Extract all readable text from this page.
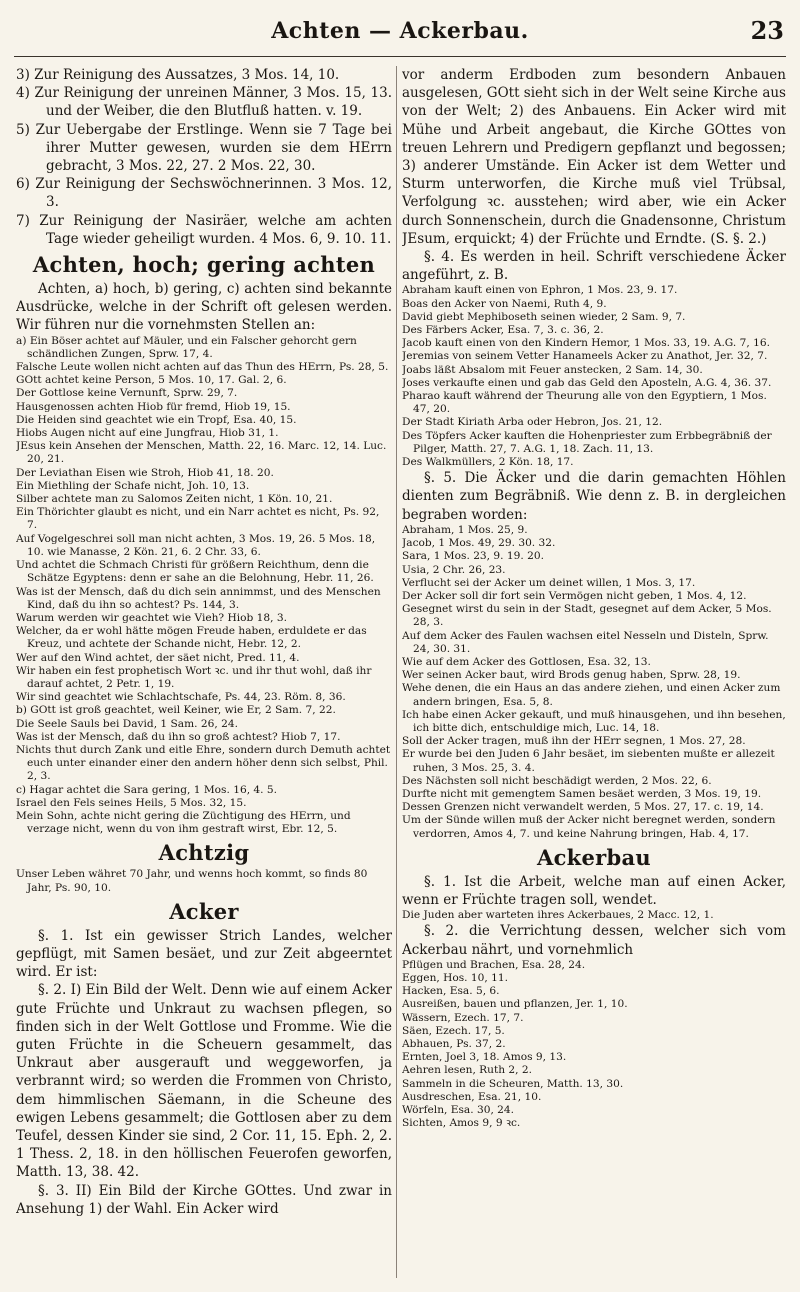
Achten — Ackerbau.	23

3) Zur Reinigung des Aussatzes, 3 Mos. 14, 10.

4) Zur Reinigung der unreinen Männer, 3 Mos. 15, 13. und der Weiber, die den Blutfluß hatten. v. 19.

5) Zur Uebergabe der Erstlinge. Wenn sie 7 Tage bei ihrer Mutter gewesen, wurden sie dem HErrn gebracht, 3 Mos. 22, 27. 2 Mos. 22, 30.

6) Zur Reinigung der Sechswöchnerinnen. 3 Mos. 12, 3.

7) Zur Reinigung der Nasiräer, welche am achten Tage wieder geheiligt wurden. 4 Mos. 6, 9. 10. 11.

Achten, hoch; gering achten

Achten, a) hoch, b) gering, c) achten sind bekannte Ausdrücke, welche in der Schrift oft gelesen werden. Wir führen nur die vornehmsten Stellen an:

a) Ein Böser achtet auf Mäuler, und ein Falscher gehorcht gern schändlichen Zungen, Sprw. 17, 4.

Falsche Leute wollen nicht achten auf das Thun des HErrn, Ps. 28, 5.

GOtt achtet keine Person, 5 Mos. 10, 17. Gal. 2, 6.

Der Gottlose keine Vernunft, Sprw. 29, 7.

Hausgenossen achten Hiob für fremd, Hiob 19, 15.

Die Heiden sind geachtet wie ein Tropf, Esa. 40, 15.

Hiobs Augen nicht auf eine Jungfrau, Hiob 31, 1.

JEsus kein Ansehen der Menschen, Matth. 22, 16. Marc. 12, 14. Luc. 20, 21.

Der Leviathan Eisen wie Stroh, Hiob 41, 18. 20.

Ein Miethling der Schafe nicht, Joh. 10, 13.

Silber achtete man zu Salomos Zeiten nicht, 1 Kön. 10, 21.

Ein Thörichter glaubt es nicht, und ein Narr achtet es nicht, Ps. 92, 7.

Auf Vogelgeschrei soll man nicht achten, 3 Mos. 19, 26. 5 Mos. 18, 10. wie Manasse, 2 Kön. 21, 6. 2 Chr. 33, 6.

Und achtet die Schmach Christi für größern Reichthum, denn die Schätze Egyptens: denn er sahe an die Belohnung, Hebr. 11, 26.

Was ist der Mensch, daß du dich sein annimmst, und des Menschen Kind, daß du ihn so achtest? Ps. 144, 3.

Warum werden wir geachtet wie Vieh? Hiob 18, 3.

Welcher, da er wohl hätte mögen Freude haben, erduldete er das Kreuz, und achtete der Schande nicht, Hebr. 12, 2.

Wer auf den Wind achtet, der säet nicht, Pred. 11, 4.

Wir haben ein fest prophetisch Wort ꝛc. und ihr thut wohl, daß ihr darauf achtet, 2 Petr. 1, 19.

Wir sind geachtet wie Schlachtschafe, Ps. 44, 23. Röm. 8, 36.

b) GOtt ist groß geachtet, weil Keiner, wie Er, 2 Sam. 7, 22.

Die Seele Sauls bei David, 1 Sam. 26, 24.

Was ist der Mensch, daß du ihn so groß achtest? Hiob 7, 17.

Nichts thut durch Zank und eitle Ehre, sondern durch Demuth achtet euch unter einander einer den andern höher denn sich selbst, Phil. 2, 3.

c) Hagar achtet die Sara gering, 1 Mos. 16, 4. 5.

Israel den Fels seines Heils, 5 Mos. 32, 15.

Mein Sohn, achte nicht gering die Züchtigung des HErrn, und verzage nicht, wenn du von ihm gestraft wirst, Ebr. 12, 5.

Achtzig

Unser Leben währet 70 Jahr, und wenns hoch kommt, so finds 80 Jahr, Ps. 90, 10.

Acker

§. 1. Ist ein gewisser Strich Landes, welcher gepflügt, mit Samen besäet, und zur Zeit abgeerntet wird. Er ist:

§. 2. I) Ein Bild der Welt. Denn wie auf einem Acker gute Früchte und Unkraut zu wachsen pflegen, so finden sich in der Welt Gottlose und Fromme. Wie die guten Früchte in die Scheuern gesammelt, das Unkraut aber ausgerauft und weggeworfen, ja verbrannt wird; so werden die Frommen von Christo, dem himmlischen Säemann, in die Scheune des ewigen Lebens gesammelt; die Gottlosen aber zu dem Teufel, dessen Kinder sie sind, 2 Cor. 11, 15. Eph. 2, 2. 1 Thess. 2, 18. in den höllischen Feuerofen geworfen, Matth. 13, 38. 42.

§. 3. II) Ein Bild der Kirche GOttes. Und zwar in Ansehung 1) der Wahl. Ein Acker wird

vor anderm Erdboden zum besondern Anbauen ausgelesen, GOtt sieht sich in der Welt seine Kirche aus von der Welt; 2) des Anbauens. Ein Acker wird mit Mühe und Arbeit angebaut, die Kirche GOttes von treuen Lehrern und Predigern gepflanzt und begossen; 3) anderer Umstände. Ein Acker ist dem Wetter und Sturm unterworfen, die Kirche muß viel Trübsal, Verfolgung ꝛc. ausstehen; wird aber, wie ein Acker durch Sonnenschein, durch die Gnadensonne, Christum JEsum, erquickt; 4) der Früchte und Erndte. (S. §. 2.)

§. 4. Es werden in heil. Schrift verschiedene Äcker angeführt, z. B.

Abraham kauft einen von Ephron, 1 Mos. 23, 9. 17.

Boas den Acker von Naemi, Ruth 4, 9.

David giebt Mephiboseth seinen wieder, 2 Sam. 9, 7.

Des Färbers Acker, Esa. 7, 3. c. 36, 2.

Jacob kauft einen von den Kindern Hemor, 1 Mos. 33, 19. A.G. 7, 16.

Jeremias von seinem Vetter Hanameels Acker zu Anathot, Jer. 32, 7.

Joabs läßt Absalom mit Feuer anstecken, 2 Sam. 14, 30.

Joses verkaufte einen und gab das Geld den Aposteln, A.G. 4, 36. 37.

Pharao kauft während der Theurung alle von den Egyptiern, 1 Mos. 47, 20.

Der Stadt Kiriath Arba oder Hebron, Jos. 21, 12.

Des Töpfers Acker kauften die Hohenpriester zum Erbbegräbniß der Pilger, Matth. 27, 7. A.G. 1, 18. Zach. 11, 13.

Des Walkmüllers, 2 Kön. 18, 17.

§. 5. Die Äcker und die darin gemachten Höhlen dienten zum Begräbniß. Wie denn z. B. in dergleichen begraben worden:

Abraham, 1 Mos. 25, 9.

Jacob, 1 Mos. 49, 29. 30. 32.

Sara, 1 Mos. 23, 9. 19. 20.

Usia, 2 Chr. 26, 23.

Verflucht sei der Acker um deinet willen, 1 Mos. 3, 17.

Der Acker soll dir fort sein Vermögen nicht geben, 1 Mos. 4, 12.

Gesegnet wirst du sein in der Stadt, gesegnet auf dem Acker, 5 Mos. 28, 3.

Auf dem Acker des Faulen wachsen eitel Nesseln und Disteln, Sprw. 24, 30. 31.

Wie auf dem Acker des Gottlosen, Esa. 32, 13.

Wer seinen Acker baut, wird Brods genug haben, Sprw. 28, 19.

Wehe denen, die ein Haus an das andere ziehen, und einen Acker zum andern bringen, Esa. 5, 8.

Ich habe einen Acker gekauft, und muß hinausgehen, und ihn besehen, ich bitte dich, entschuldige mich, Luc. 14, 18.

Soll der Acker tragen, muß ihn der HErr segnen, 1 Mos. 27, 28.

Er wurde bei den Juden 6 Jahr besäet, im siebenten mußte er allezeit ruhen, 3 Mos. 25, 3. 4.

Des Nächsten soll nicht beschädigt werden, 2 Mos. 22, 6.

Durfte nicht mit gemengtem Samen besäet werden, 3 Mos. 19, 19.

Dessen Grenzen nicht verwandelt werden, 5 Mos. 27, 17. c. 19, 14.

Um der Sünde willen muß der Acker nicht beregnet werden, sondern verdorren, Amos 4, 7. und keine Nahrung bringen, Hab. 4, 17.

Ackerbau

§. 1. Ist die Arbeit, welche man auf einen Acker, wenn er Früchte tragen soll, wendet.

Die Juden aber warteten ihres Ackerbaues, 2 Macc. 12, 1.

§. 2. die Verrichtung dessen, welcher sich vom Ackerbau nährt, und vornehmlich

Pflügen und Brachen, Esa. 28, 24.

Eggen, Hos. 10, 11.

Hacken, Esa. 5, 6.

Ausreißen, bauen und pflanzen, Jer. 1, 10.

Wässern, Ezech. 17, 7.

Säen, Ezech. 17, 5.

Abhauen, Ps. 37, 2.

Ernten, Joel 3, 18. Amos 9, 13.

Aehren lesen, Ruth 2, 2.

Sammeln in die Scheuren, Matth. 13, 30.

Ausdreschen, Esa. 21, 10.

Wörfeln, Esa. 30, 24.

Sichten, Amos 9, 9 ꝛc.
